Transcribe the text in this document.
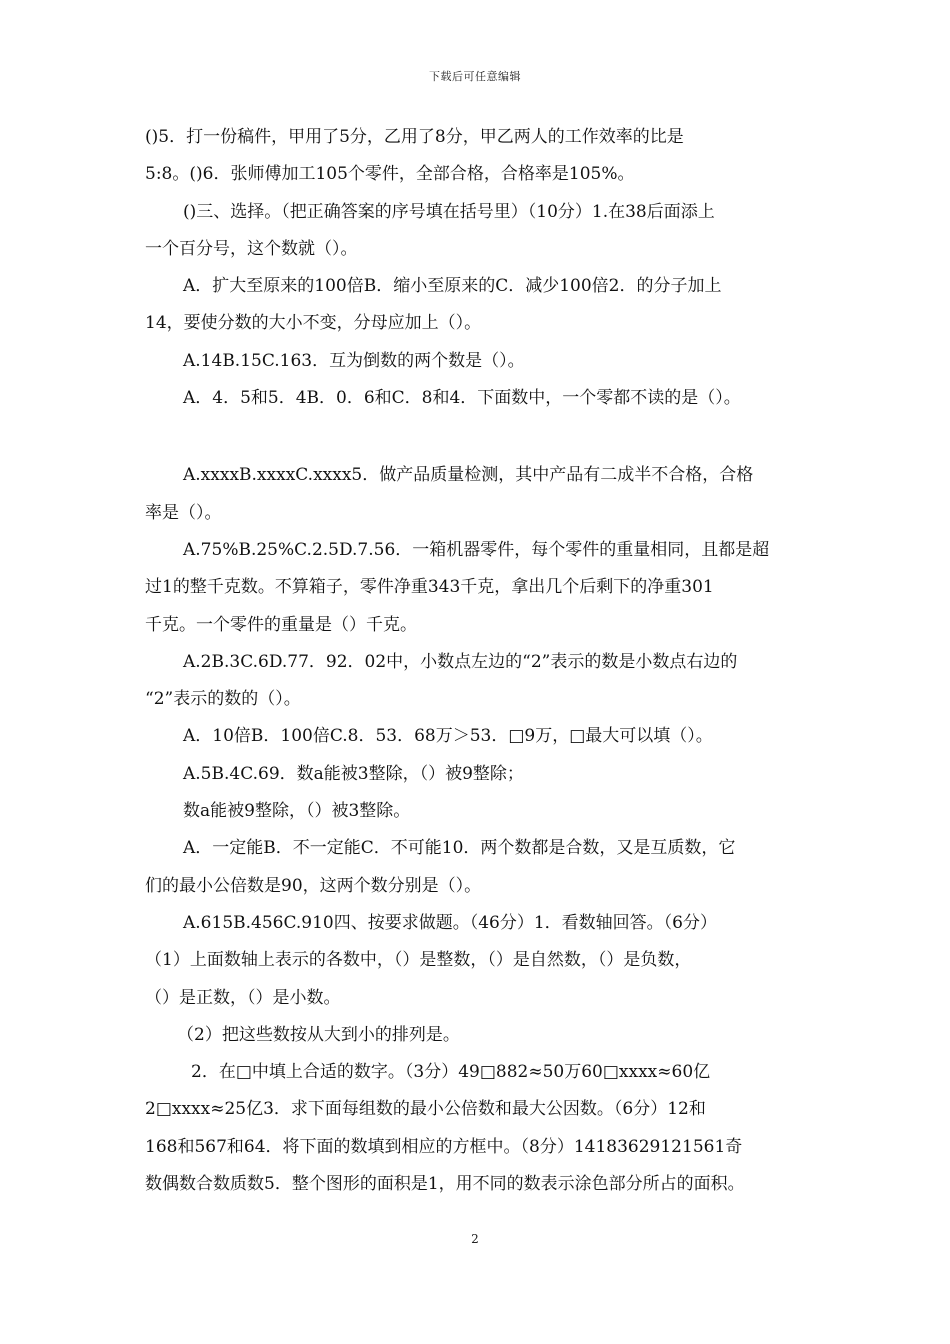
下载后可任意编辑
()5．打一份稿件，甲用了5分，乙用了8分，甲乙两人的工作效率的比是
5:8。()6．张师傅加工105个零件，全部合格，合格率是105%。
()三、选择。（把正确答案的序号填在括号里）（10分）1.在38后面添上
一个百分号，这个数就（）。
A．扩大至原来的100倍B．缩小至原来的C．减少100倍2．的分子加上
14，要使分数的大小不变，分母应加上（）。
A.14B.15C.163．互为倒数的两个数是（）。
A．4．5和5．4B．0．6和C．8和4．下面数中，一个零都不读的是（）。
A.xxxxB.xxxxC.xxxx5．做产品质量检测，其中产品有二成半不合格，合格
率是（）。
A.75%B.25%C.2.5D.7.56．一箱机器零件，每个零件的重量相同，且都是超
过1的整千克数。不算箱子，零件净重343千克，拿出几个后剩下的净重301
千克。一个零件的重量是（）千克。
A.2B.3C.6D.77．92．02中，小数点左边的“2”表示的数是小数点右边的
“2”表示的数的（）。
A．10倍B．100倍C.8．53．68万＞53．□9万，□最大可以填（）。
A.5B.4C.69．数a能被3整除，（）被9整除；
数a能被9整除，（）被3整除。
A．一定能B．不一定能C．不可能10．两个数都是合数，又是互质数，它
们的最小公倍数是90，这两个数分别是（）。
A.615B.456C.910四、按要求做题。（46分）1．看数轴回答。（6分）
（1）上面数轴上表示的各数中，（）是整数，（）是自然数，（）是负数，
（）是正数，（）是小数。
（2）把这些数按从大到小的排列是。
2．在□中填上合适的数字。（3分）49□882≈50万60□xxxx≈60亿
2□xxxx≈25亿3．求下面每组数的最小公倍数和最大公因数。（6分）12和
168和567和64．将下面的数填到相应的方框中。（8分）14183629121561奇
数偶数合数质数5．整个图形的面积是1，用不同的数表示涂色部分所占的面积。
2
